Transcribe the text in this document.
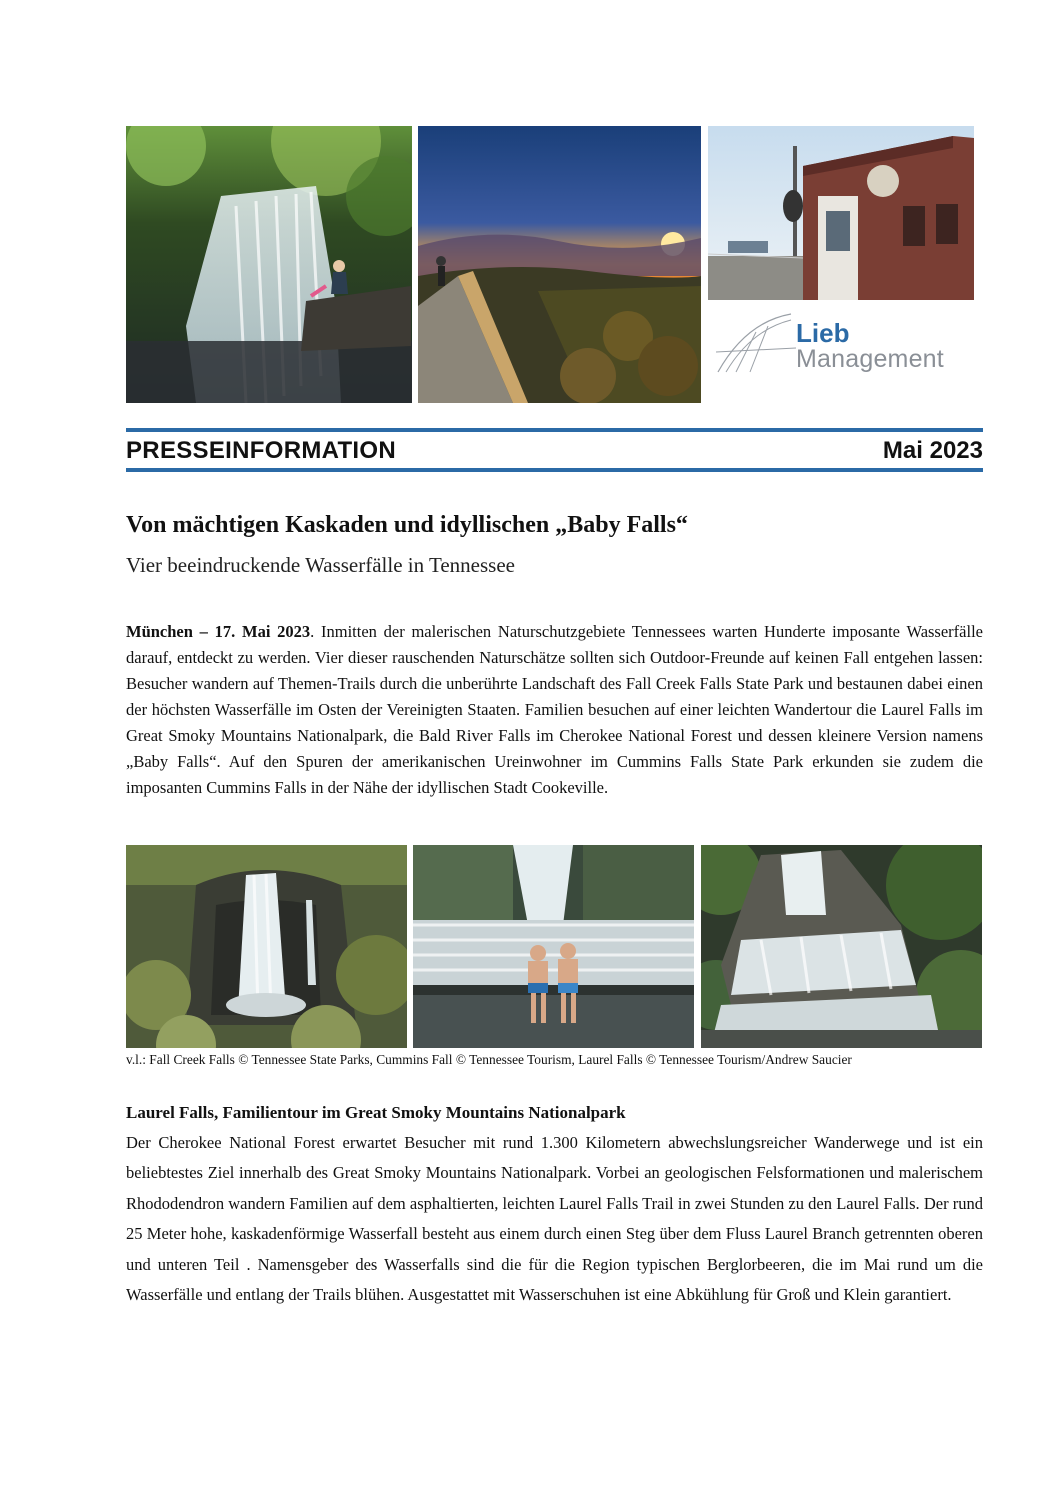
Lieb
Management
PRESSEINFORMATION	Mai 2023
Von mächtigen Kaskaden und idyllischen „Baby Falls“
Vier beeindruckende Wasserfälle in Tennessee
München – 17. Mai 2023. Inmitten der malerischen Naturschutzgebiete Tennessees warten Hunderte imposante Wasserfälle darauf, entdeckt zu werden. Vier dieser rauschenden Naturschätze sollten sich Outdoor-Freunde auf keinen Fall entgehen lassen: Besucher wandern auf Themen-Trails durch die unberührte Landschaft des Fall Creek Falls State Park und bestaunen dabei einen der höchsten Wasserfälle im Osten der Vereinigten Staaten. Familien besuchen auf einer leichten Wandertour die Laurel Falls im Great Smoky Mountains Nationalpark, die Bald River Falls im Cherokee National Forest und dessen kleinere Version namens „Baby Falls“. Auf den Spuren der amerikanischen Ureinwohner im Cummins Falls State Park erkunden sie zudem die imposanten Cummins Falls in der Nähe der idyllischen Stadt Cookeville.
v.l.: Fall Creek Falls © Tennessee State Parks, Cummins Fall © Tennessee Tourism, Laurel Falls © Tennessee Tourism/Andrew Saucier
Laurel Falls, Familientour im Great Smoky Mountains Nationalpark
Der Cherokee National Forest erwartet Besucher mit rund 1.300 Kilometern abwechslungsreicher Wanderwege und ist ein beliebtestes Ziel innerhalb des Great Smoky Mountains Nationalpark. Vorbei an geologischen Felsformationen und malerischem Rhododendron wandern Familien auf dem asphaltierten, leichten Laurel Falls Trail in zwei Stunden zu den Laurel Falls. Der rund 25 Meter hohe, kaskadenförmige Wasserfall besteht aus einem durch einen Steg über dem Fluss Laurel Branch getrennten oberen und unteren Teil . Namensgeber des Wasserfalls sind die für die Region typischen Berglorbeeren, die im Mai rund um die Wasserfälle und entlang der Trails blühen. Ausgestattet mit Wasserschuhen ist eine Abkühlung für Groß und Klein garantiert.
